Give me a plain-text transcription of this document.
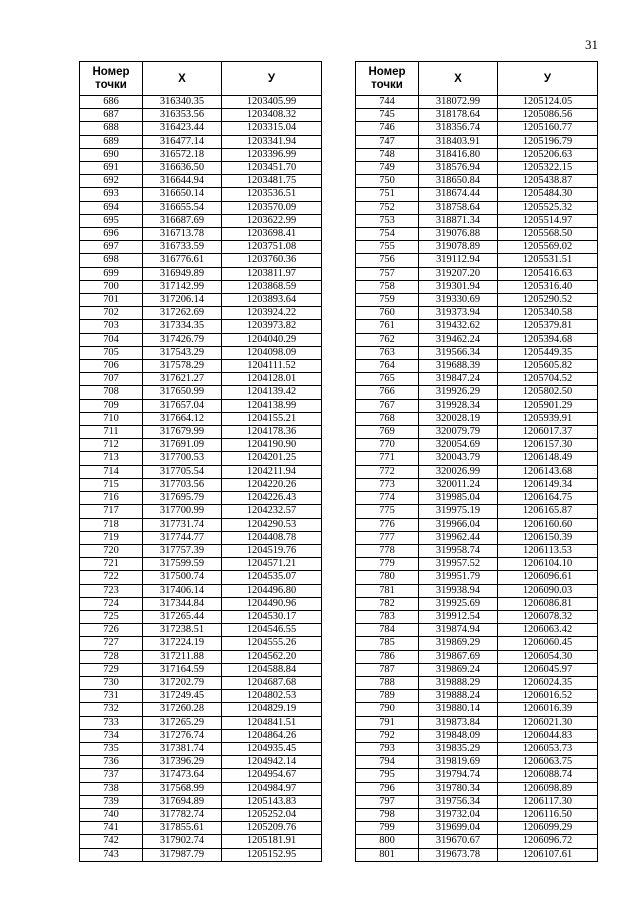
31
Номер
точки	X	У
686	316340.35	1203405.99
687	316353.56	1203408.32
688	316423.44	1203315.04
689	316477.14	1203341.94
690	316572.18	1203396.99
691	316636.50	1203451.70
692	316644.94	1203481.75
693	316650.14	1203536.51
694	316655.54	1203570.09
695	316687.69	1203622.99
696	316713.78	1203698.41
697	316733.59	1203751.08
698	316776.61	1203760.36
699	316949.89	1203811.97
700	317142.99	1203868.59
701	317206.14	1203893.64
702	317262.69	1203924.22
703	317334.35	1203973.82
704	317426.79	1204040.29
705	317543.29	1204098.09
706	317578.29	1204111.52
707	317621.27	1204128.01
708	317650.99	1204139.42
709	317657.04	1204138.99
710	317664.12	1204155.21
711	317679.99	1204178.36
712	317691.09	1204190.90
713	317700.53	1204201.25
714	317705.54	1204211.94
715	317703.56	1204220.26
716	317695.79	1204226.43
717	317700.99	1204232.57
718	317731.74	1204290.53
719	317744.77	1204408.78
720	317757.39	1204519.76
721	317599.59	1204571.21
722	317500.74	1204535.07
723	317406.14	1204496.80
724	317344.84	1204490.96
725	317265.44	1204530.17
726	317238.51	1204546.55
727	317224.19	1204555.26
728	317211.88	1204562.20
729	317164.59	1204588.84
730	317202.79	1204687.68
731	317249.45	1204802.53
732	317260.28	1204829.19
733	317265.29	1204841.51
734	317276.74	1204864.26
735	317381.74	1204935.45
736	317396.29	1204942.14
737	317473.64	1204954.67
738	317568.99	1204984.97
739	317694.89	1205143.83
740	317782.74	1205252.04
741	317855.61	1205209.76
742	317902.74	1205181.91
743	317987.79	1205152.95
Номер
точки	X	У
744	318072.99	1205124.05
745	318178.64	1205086.56
746	318356.74	1205160.77
747	318403.91	1205196.79
748	318416.80	1205206.63
749	318576.94	1205322.15
750	318650.84	1205438.87
751	318674.44	1205484.30
752	318758.64	1205525.32
753	318871.34	1205514.97
754	319076.88	1205568.50
755	319078.89	1205569.02
756	319112.94	1205531.51
757	319207.20	1205416.63
758	319301.94	1205316.40
759	319330.69	1205290.52
760	319373.94	1205340.58
761	319432.62	1205379.81
762	319462.24	1205394.68
763	319566.34	1205449.35
764	319688.39	1205605.82
765	319847.24	1205704.52
766	319926.29	1205802.50
767	319928.34	1205901.29
768	320028.19	1205939.91
769	320079.79	1206017.37
770	320054.69	1206157.30
771	320043.79	1206148.49
772	320026.99	1206143.68
773	320011.24	1206149.34
774	319985.04	1206164.75
775	319975.19	1206165.87
776	319966.04	1206160.60
777	319962.44	1206150.39
778	319958.74	1206113.53
779	319957.52	1206104.10
780	319951.79	1206096.61
781	319938.94	1206090.03
782	319925.69	1206086.81
783	319912.54	1206078.32
784	319874.94	1206063.42
785	319869.29	1206060.45
786	319867.69	1206054.30
787	319869.24	1206045.97
788	319888.29	1206024.35
789	319888.24	1206016.52
790	319880.14	1206016.39
791	319873.84	1206021.30
792	319848.09	1206044.83
793	319835.29	1206053.73
794	319819.69	1206063.75
795	319794.74	1206088.74
796	319780.34	1206098.89
797	319756.34	1206117.30
798	319732.04	1206116.50
799	319699.04	1206099.29
800	319670.67	1206096.72
801	319673.78	1206107.61
